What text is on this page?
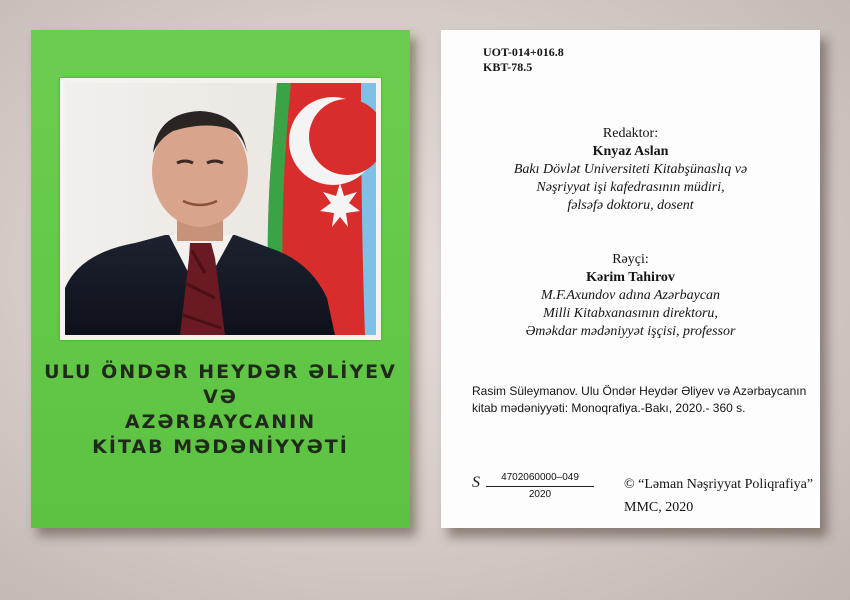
ULU ÖNDƏR HEYDƏR ƏLİYEV
VƏ
AZƏRBAYCANIN
KİTAB MƏDƏNİYYƏTİ
UOT-014+016.8
KBT-78.5
Redaktor:
Knyaz Aslan
Bakı Dövlət Universiteti Kitabşünaslıq və
Nəşriyyat işi kafedrasının müdiri,
fəlsəfə doktoru, dosent
Rəyçi:
Kərim Tahirov
M.F.Axundov adına Azərbaycan
Milli Kitabxanasının direktoru,
Əməkdar mədəniyyət işçisi, professor
Rasim Süleymanov. Ulu Öndər Heydər Əliyev və Azərbaycanın
kitab mədəniyyəti: Monoqrafiya.-Bakı, 2020.- 360 s.
S	4702060000–049
2020
© “Ləman Nəşriyyat Poliqrafiya”
MMC, 2020
